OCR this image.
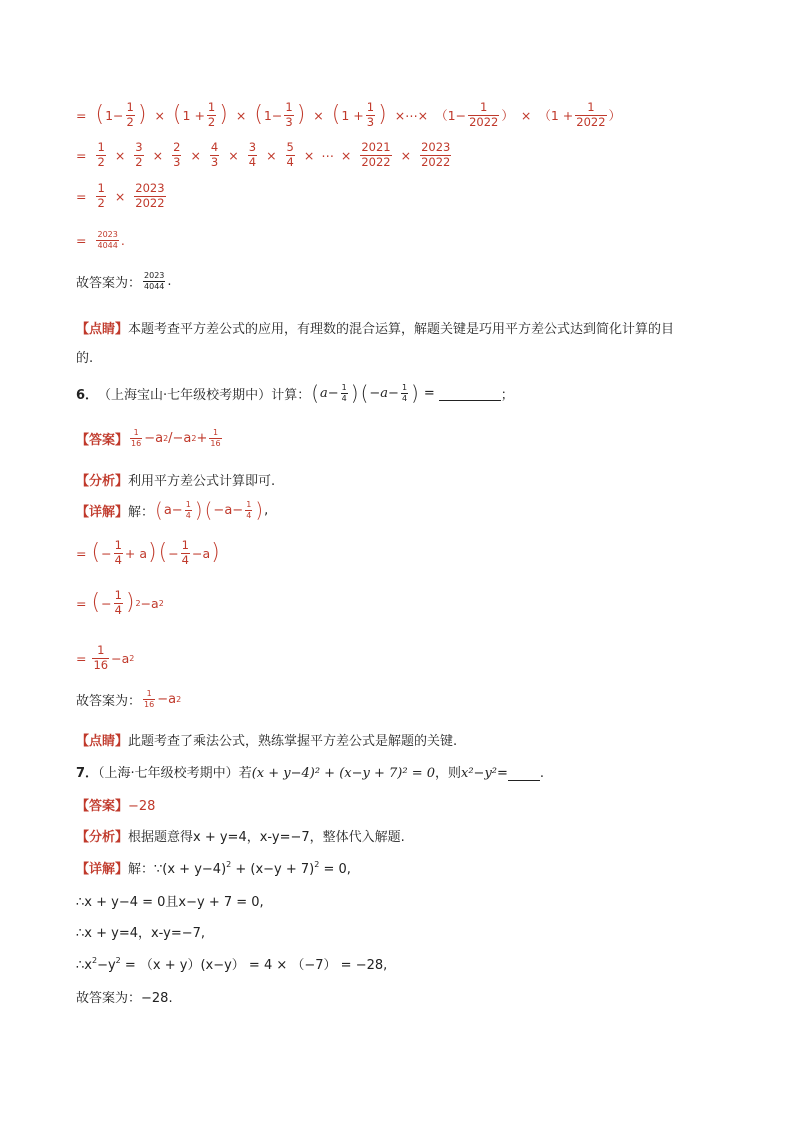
= ( $1- \frac{1}{2}$ ) × ( $1 + \frac{1}{2}$ ) × ( $1- \frac{1}{3}$ ) × ( $1 + \frac{1}{3}$ ) ×⋯× （$1- \frac{1}{2022}$ ） × （$1 + \frac{1}{2022}$ ）
= $\frac{1}{2} \times \frac{3}{2} \times \frac{2}{3} \times \frac{4}{3} \times \frac{3}{4} \times \frac{5}{4}$ × ⋯ × $\frac{2021}{2022} \times \frac{2023}{2022}$
= $\frac{1}{2} \times \frac{2023}{2022}$
= $\frac{2023}{4044}$ .
故答案为： $\frac{2023}{4044}$ .
【点睛】本题考查平方差公式的应用，有理数的混合运算，解题关键是巧用平方差公式达到简化计算的目
的.
6． （上海宝山·七年级校考期中） 计算： ( $a- \frac{1}{4}$ ) ( $-a- \frac{1}{4}$ ) =	；
【答案】 $\frac{1}{16} -a$ 2 /−a $2 + \frac{1}{16}$
【分析】利用平方差公式计算即可.
【详解】 解： ( $a- \frac{1}{4}$ ) ( $-a- \frac{1}{4}$ ) ,
= ( − $\frac{1}{4} + a$ ) ( − $\frac{1}{4} -a$ )
= ( − $\frac{1}{4}$ ) 2 −a 2
= $\frac{1}{16} -a$ 2
故答案为： $\frac{1}{16} -a$ 2
【点睛】此题考查了乘法公式，熟练掌握平方差公式是解题的关键.
7．（上海·七年级校考期中）若(x + y−4)² + (x−y + 7)² = 0，则x²−y²= .
【答案】−28
【分析】根据题意得x + y=4，x-y=−7，整体代入解题.
【详解】解：∵(x + $y-4)^2 + (x-y + 7)^2 = 0$,
∴x + y−4 = 0且x−y + 7 = 0,
∴x + y=4，x-y=−7,
$\therefore x^2-y^2 = (x + y)(x-y) = 4 \times (-7) = -28$,
故答案为：−28.
